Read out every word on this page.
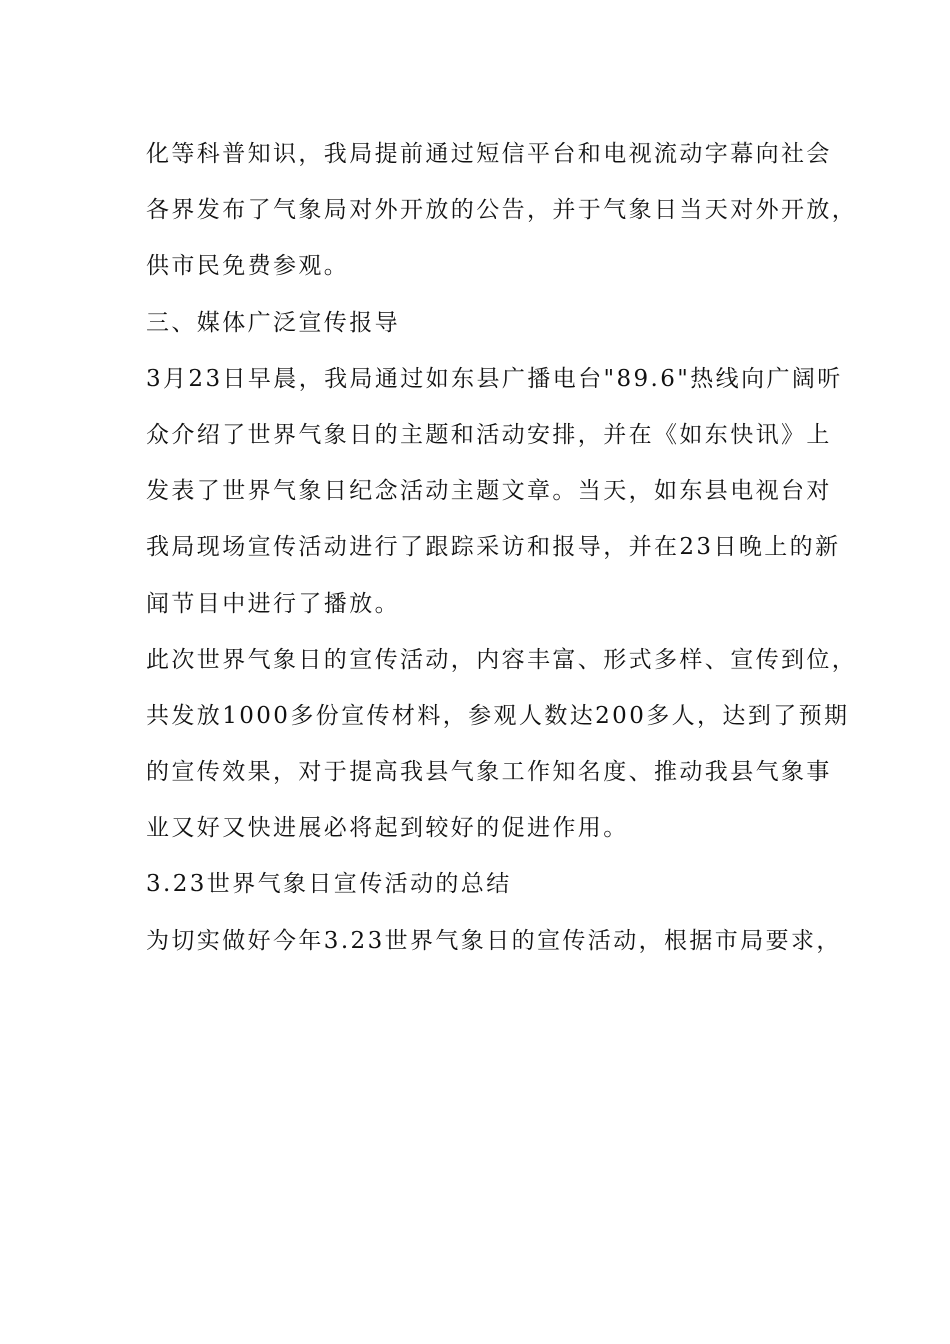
化等科普知识，我局提前通过短信平台和电视流动字幕向社会

各界发布了气象局对外开放的公告，并于气象日当天对外开放，

供市民免费参观。

三、媒体广泛宣传报导

3月23日早晨，我局通过如东县广播电台"89.6"热线向广阔听

众介绍了世界气象日的主题和活动安排，并在《如东快讯》上

发表了世界气象日纪念活动主题文章。当天，如东县电视台对

我局现场宣传活动进行了跟踪采访和报导，并在23日晚上的新

闻节目中进行了播放。

此次世界气象日的宣传活动，内容丰富、形式多样、宣传到位，

共发放1000多份宣传材料，参观人数达200多人，达到了预期

的宣传效果，对于提高我县气象工作知名度、推动我县气象事

业又好又快进展必将起到较好的促进作用。

3.23世界气象日宣传活动的总结

为切实做好今年3.23世界气象日的宣传活动，根据市局要求，
